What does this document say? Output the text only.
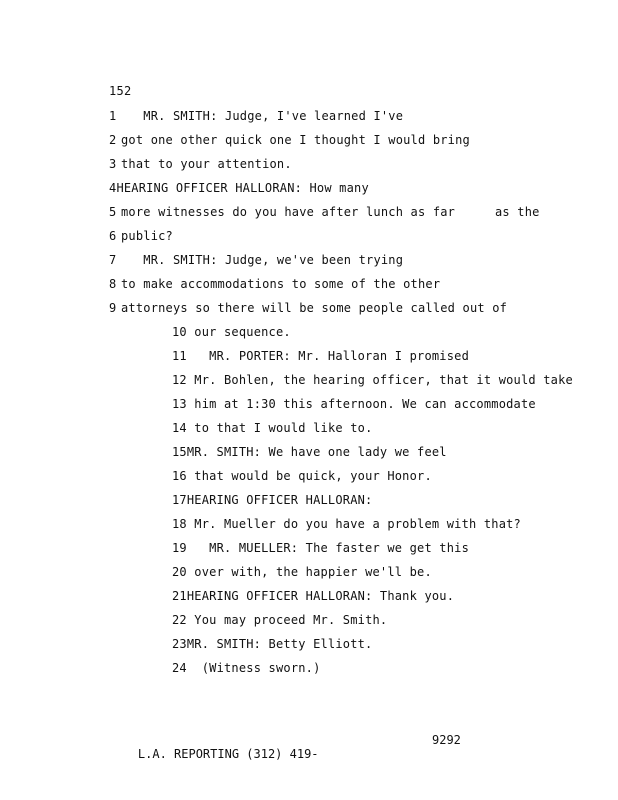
152
1 MR. SMITH: Judge, I've learned I've
2 got one other quick one I thought I would bring
3 that to your attention.
4HEARING OFFICER HALLORAN: How many
5 more witnesses do you have after lunch as far	as the
6 public?
7 MR. SMITH: Judge, we've been trying
8 to make accommodations to some of the other
9 attorneys so there will be some people called out of
10 our sequence.
11 MR. PORTER: Mr. Halloran I promised
12 Mr. Bohlen, the hearing officer, that it would take
13 him at 1:30 this afternoon. We can accommodate
14 to that I would like to.
15MR. SMITH: We have one lady we feel
16 that would be quick, your Honor.
17HEARING OFFICER HALLORAN:
18 Mr. Mueller do you have a problem with that?
19 MR. MUELLER: The faster we get this
20 over with, the happier we'll be.
21HEARING OFFICER HALLORAN: Thank you.
22 You may proceed Mr. Smith.
23MR. SMITH: Betty Elliott.
24 (Witness sworn.)

L.A. REPORTING (312) 419-
9292
